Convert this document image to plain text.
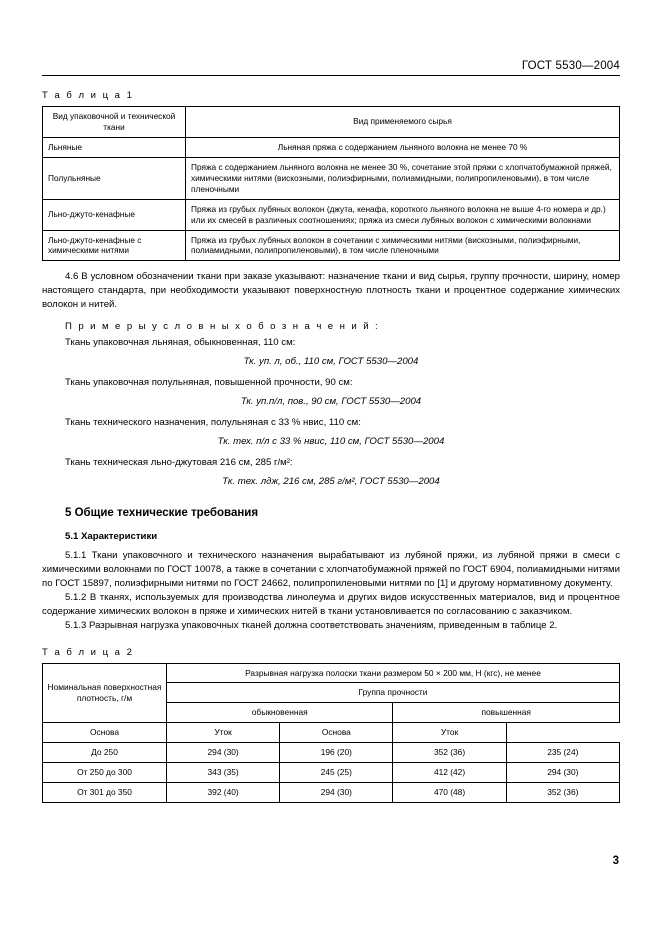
ГОСТ 5530—2004
Т а б л и ц а 1
Вид упаковочной и технической ткани	Вид применяемого сырья
Льняные	Льняная пряжа с содержанием льняного волокна не менее 70 %
Полульняные	Пряжа с содержанием льняного волокна не менее 30 %, сочетание этой пряжи с хлопчатобумажной пряжей, химическими нитями (вискозными, полиэфирными, полиамидными, полипропиленовыми), в том числе пленочными
Льно-джуто-кенафные	Пряжа из грубых лубяных волокон (джута, кенафа, короткого льняного волокна не выше 4-го номера и др.) или их смесей в различных соотношениях; пряжа из смеси лубяных волокон с химическими волокнами
Льно-джуто-кенафные с химическими нитями	Пряжа из грубых лубяных волокон в сочетании с химическими нитями (вискозными, полиэфирными, полиамидными, полипропиленовыми), в том числе пленочными

4.6 В условном обозначении ткани при заказе указывают: назначение ткани и вид сырья, группу прочности, ширину, номер настоящего стандарта, при необходимости указывают поверхностную плотность ткани и процентное содержание химических волокон и нитей.

П р и м е р ы у с л о в н ы х о б о з н а ч е н и й :

Ткань упаковочная льняная, обыкновенная, 110 см:

Тк. уп. л, об., 110 см, ГОСТ 5530—2004

Ткань упаковочная полульняная, повышенной прочности, 90 см:

Тк. уп.п/л, пов., 90 см, ГОСТ 5530—2004

Ткань технического назначения, полульняная с 33 % нвис, 110 см:

Тк. тех. п/л с 33 % нвис, 110 см, ГОСТ 5530—2004

Ткань техническая льно-джутовая 216 см, 285 г/м²:

Тк. тех. лдж, 216 см, 285 г/м², ГОСТ 5530—2004

5 Общие технические требования
5.1 Характеристики

5.1.1 Ткани упаковочного и технического назначения вырабатывают из лубяной пряжи, из лубяной пряжи в смеси с химическими волокнами по ГОСТ 10078, а также в сочетании с хлопчатобумажной пряжей по ГОСТ 6904, полиамидными нитями по ГОСТ 15897, полиэфирными нитями по ГОСТ 24662, полипропиленовыми нитями по [1] и другому нормативному документу.

5.1.2 В тканях, используемых для производства линолеума и других видов искусственных материалов, вид и процентное содержание химических волокон в пряже и химических нитей в ткани установливается по согласованию с заказчиком.

5.1.3 Разрывная нагрузка упаковочных тканей должна соответствовать значениям, приведенным в таблице 2.

Т а б л и ц а 2
Номинальная поверхностная плотность, г/м	Разрывная нагрузка полоски ткани размером 50 × 200 мм, Н (кгс), не менее			
	Группа прочности			
	обыкновенная		повышенная	
Основа	Уток	Основа	Уток	
До 250	294 (30)	196 (20)	352 (36)	235 (24)
От 250 до 300	343 (35)	245 (25)	412 (42)	294 (30)
От 301 до 350	392 (40)	294 (30)	470 (48)	352 (36)
3
